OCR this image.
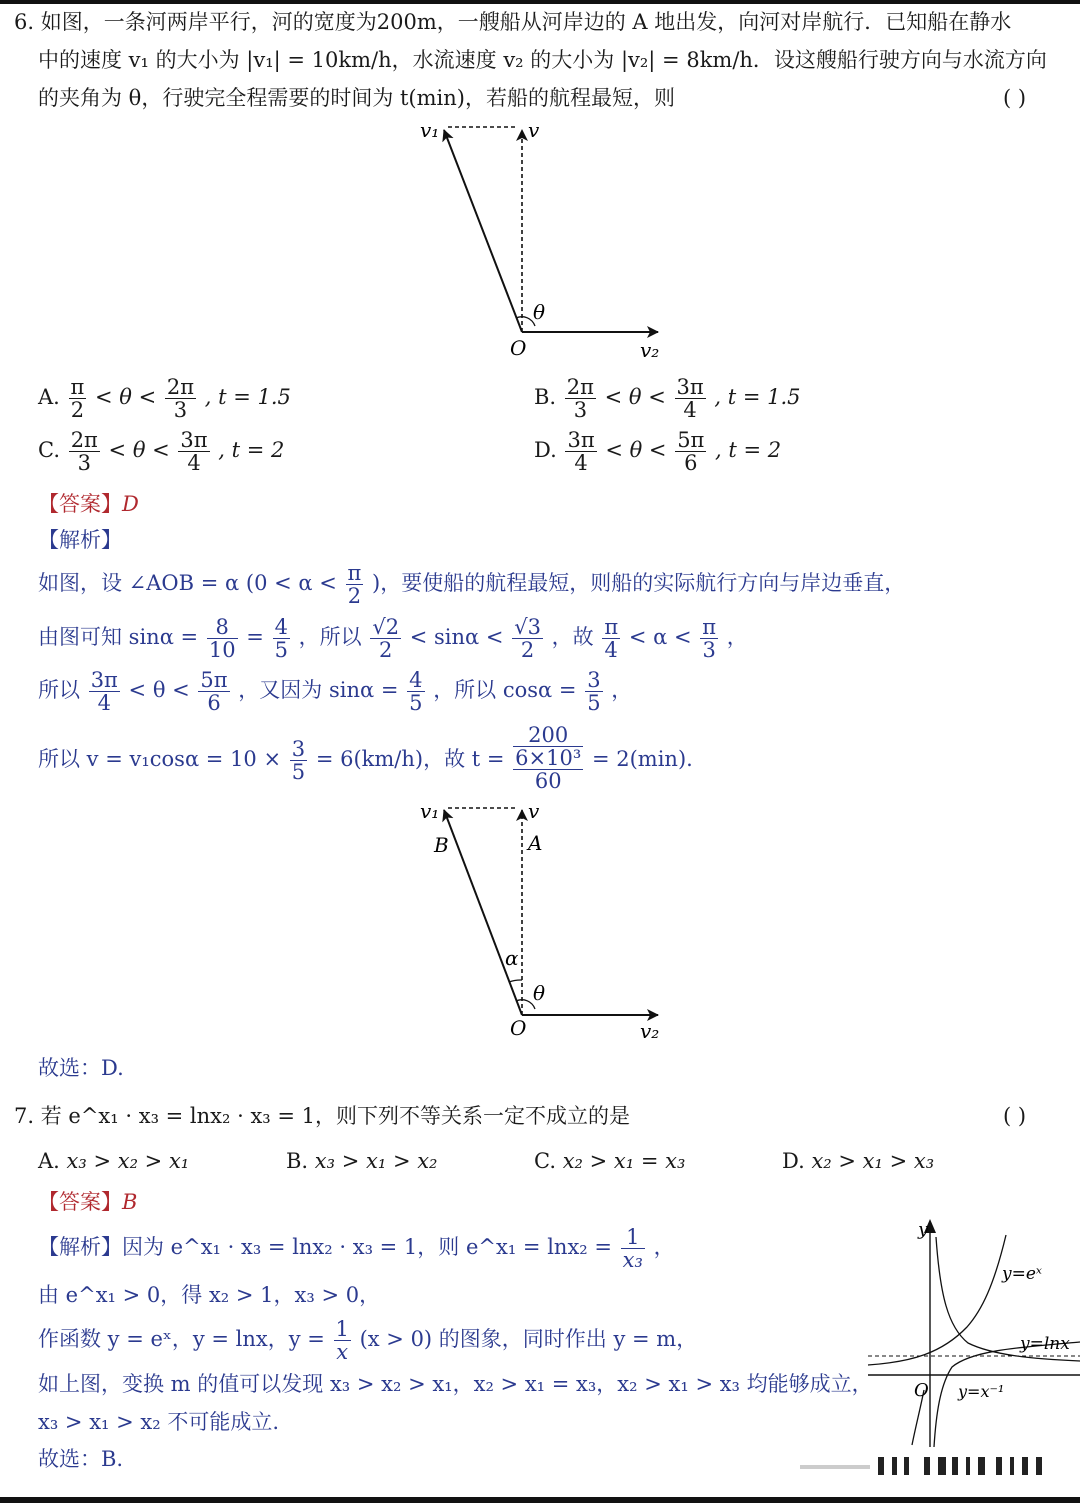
6. 如图，一条河两岸平行，河的宽度为200m，一艘船从河岸边的 A 地出发，向河对岸航行．已知船在静水
中的速度 v₁ 的大小为 |v₁| = 10km/h，水流速度 v₂ 的大小为 |v₂| = 8km/h．设这艘船行驶方向与水流方向
的夹角为 θ，行驶完全程需要的时间为 t(min)，若船的航程最短，则	( )
v₁	v
θ
O	v₂
A. $\frac{\pi}{2} < \theta < \frac{2\pi}{3}$ , t = 1.5	B. $\frac{2\pi}{3} < \theta < \frac{3\pi}{4}$ , t = 1.5
C. $\frac{2\pi}{3} < \theta < \frac{3\pi}{4}$ , t = 2	D. $\frac{3\pi}{4} < \theta < \frac{5\pi}{6}$ , t = 2
【答案】D
【解析】
如图，设 ∠AOB = α ($0 < \alpha < \frac{\pi}{2}$ )，要使船的航程最短，则船的实际航行方向与岸边垂直，
由图可知 $\sin\alpha = \frac{8}{10} = \frac{4}{5}$ ，所以 $\frac{√2}{2} < \sin\alpha < \frac{√3}{2}$ ，故 $\frac{\pi}{4} < \alpha < \frac{\pi}{3}$ ，
所以 $\frac{3\pi}{4} < \theta < \frac{5\pi}{6}$ ，又因为 $\sin\alpha = \frac{4}{5}$ ，所以 $\cos\alpha = \frac{3}{5}$ ，
所以 $v = v_1\cos\alpha = 10 \times \frac{3}{5} = 6(km/h)$，故 t =
200
6×10³
60
= 2(min).
v₁	v
B	A
α
θ
O	v₂
故选：D.
7. 若 e^x₁ · x₃ = lnx₂ · x₃ = 1，则下列不等关系一定不成立的是	( )
A. x₃ > x₂ > x₁	B. x₃ > x₁ > x₂	C. x₂ > x₁ = x₃	D. x₂ > x₁ > x₃
【答案】B
【解析】因为 e^x₁ · x₃ = lnx₂ · x₃ = 1，则 e^x₁ = $\ln x_2 = \frac{1}{\text{x₃}}$ ，
由 e^x₁ > 0，得 x₂ > 1，x₃ > 0，
作函数 y = eˣ，y = lnx，$y = \frac{1}{x} (x > 0)$ 的图象，同时作出 y = m，
如上图，变换 m 的值可以发现 x₃ > x₂ > x₁，x₂ > x₁ = x₃，x₂ > x₁ > x₃ 均能够成立，
x₃ > x₁ > x₂ 不可能成立.
故选：B.
y
O
y=eˣ
y=lnx
y=x⁻¹
